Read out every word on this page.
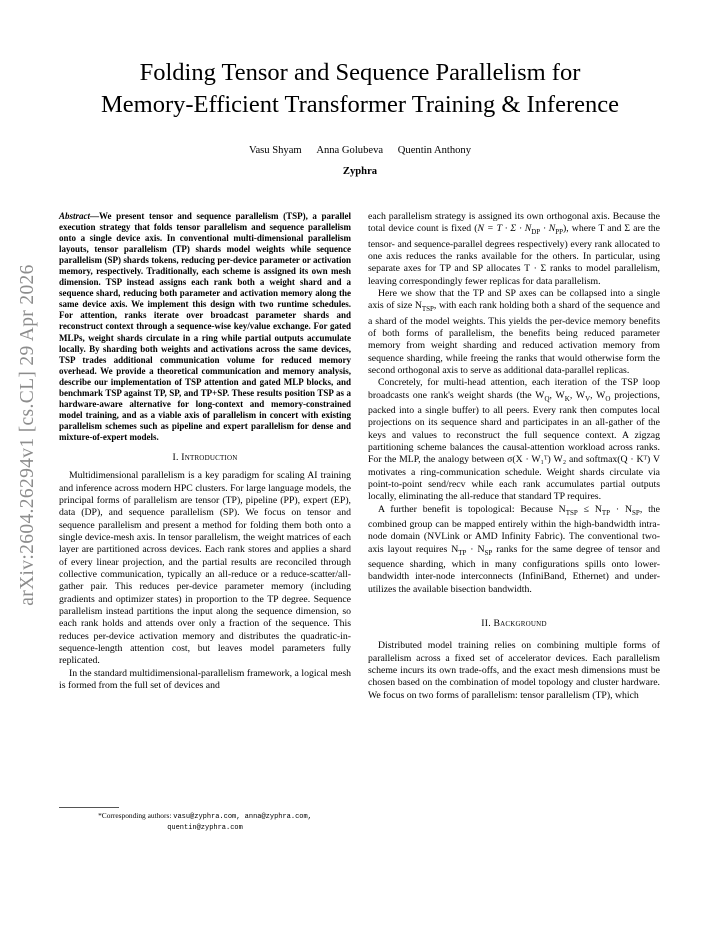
arXiv:2604.26294v1 [cs.CL] 29 Apr 2026
Folding Tensor and Sequence Parallelism for
Memory-Efficient Transformer Training & Inference
Vasu Shyam Anna Golubeva Quentin Anthony
Zyphra

Abstract—We present tensor and sequence parallelism (TSP), a parallel execution strategy that folds tensor parallelism and sequence parallelism onto a single device axis. In conventional multi-dimensional parallelism layouts, tensor parallelism (TP) shards model weights while sequence parallelism (SP) shards tokens, reducing per-device parameter or activation memory, respectively. Traditionally, each scheme is assigned its own mesh dimension. TSP instead assigns each rank both a weight shard and a sequence shard, reducing both parameter and activation memory along the same device axis. We implement this design with two runtime schedules. For attention, ranks iterate over broadcast parameter shards and reconstruct context through a sequence-wise key/value exchange. For gated MLPs, weight shards circulate in a ring while partial outputs accumulate locally. By sharding both weights and activations across the same devices, TSP trades additional communication volume for reduced memory overhead. We provide a theoretical communication and memory analysis, describe our implementation of TSP attention and gated MLP blocks, and benchmark TSP against TP, SP, and TP+SP. These results position TSP as a hardware-aware alternative for long-context and memory-constrained model training, and as a viable axis of parallelism in concert with existing parallelism schemes such as pipeline and expert parallelism for dense and mixture-of-expert models.

I. Introduction

Multidimensional parallelism is a key paradigm for scaling AI training and inference across modern HPC clusters. For large language models, the principal forms of parallelism are tensor (TP), pipeline (PP), expert (EP), data (DP), and sequence parallelism (SP). We focus on tensor and sequence parallelism and present a method for folding them both onto a single device-mesh axis. In tensor parallelism, the weight matrices of each layer are partitioned across devices. Each rank stores and applies a shard of every linear projection, and the partial results are reconciled through collective communication, typically an all-reduce or a reduce-scatter/all-gather pair. This reduces per-device parameter memory (including gradients and optimizer states) in proportion to the TP degree. Sequence parallelism instead partitions the input along the sequence dimension, so each rank holds and attends over only a fraction of the sequence. This reduces per-device activation memory and distributes the quadratic-in-sequence-length attention cost, but leaves model parameters fully replicated.

In the standard multidimensional-parallelism framework, a logical mesh is formed from the full set of devices and

*Corresponding authors: vasu@zyphra.com, anna@zyphra.com, quentin@zyphra.com

each parallelism strategy is assigned its own orthogonal axis. Because the total device count is fixed $(N = T \cdot \Sigma \cdot N_{DP} \cdot N_{PP})$, where T and Σ are the tensor- and sequence-parallel degrees respectively) every rank allocated to one axis reduces the ranks available for the others. In particular, using separate axes for TP and SP allocates T · Σ ranks to model parallelism, leaving correspondingly fewer replicas for data parallelism.

Here we show that the TP and SP axes can be collapsed into a single axis of size $N_{TSP}$, with each rank holding both a shard of the sequence and a shard of the model weights. This yields the per-device memory benefits of both forms of parallelism, the benefits being reduced parameter memory from weight sharding and reduced activation memory from sequence sharding, while freeing the ranks that would otherwise form the second orthogonal axis to serve as additional data-parallel replicas.

Concretely, for multi-head attention, each iteration of the TSP loop broadcasts one rank's weight shards (the $W_Q$, $W_K$, $W_V$, $W_O$ projections, packed into a single buffer) to all peers. Every rank then computes local projections on its sequence shard and participates in an all-gather of the keys and values to reconstruct the full sequence context. A zigzag partitioning scheme balances the causal-attention workload across ranks. For the MLP, the analogy between σ(X · W₁ᵀ) W₂ and softmax(Q · Kᵀ) V motivates a ring-communication schedule. Weight shards circulate via point-to-point send/recv while each rank accumulates partial outputs locally, eliminating the all-reduce that standard TP requires.

A further benefit is topological: Because $N_{TSP} \le N_{TP} \cdot N_{SP}$, the combined group can be mapped entirely within the high-bandwidth intra-node domain (NVLink or AMD Infinity Fabric). The conventional two-axis layout requires $N_{TP} \cdot N_{SP}$ ranks for the same degree of tensor and sequence sharding, which in many configurations spills onto lower-bandwidth inter-node interconnects (InfiniBand, Ethernet) and under-utilizes the available bisection bandwidth.

II. Background

Distributed model training relies on combining multiple forms of parallelism across a fixed set of accelerator devices. Each parallelism scheme incurs its own trade-offs, and the exact mesh dimensions must be chosen based on the combination of model topology and cluster hardware. We focus on two forms of parallelism: tensor parallelism (TP), which
